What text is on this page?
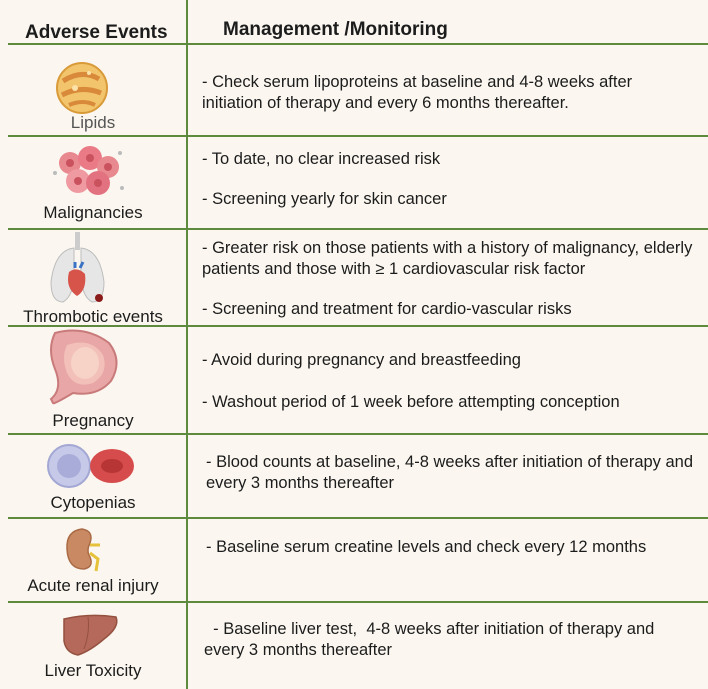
Adverse Events	Management /Monitoring
Lipids
- Check serum lipoproteins at baseline and 4-8 weeks after initiation of therapy and every 6 months thereafter.
Malignancies
- To date, no clear increased risk
- Screening yearly for skin cancer
Thrombotic events
- Greater risk on those patients with a history of malignancy, elderly patients and those with ≥ 1 cardiovascular risk factor
- Screening and treatment for cardio-vascular risks
Pregnancy
- Avoid during pregnancy and breastfeeding
- Washout period of 1 week before attempting conception
Cytopenias
- Blood counts at baseline, 4-8 weeks after initiation of therapy and every 3 months thereafter
Acute renal injury
- Baseline serum creatine levels and check every 12 months
Liver Toxicity
- Baseline liver test,  4-8 weeks after initiation of therapy and every 3 months thereafter
